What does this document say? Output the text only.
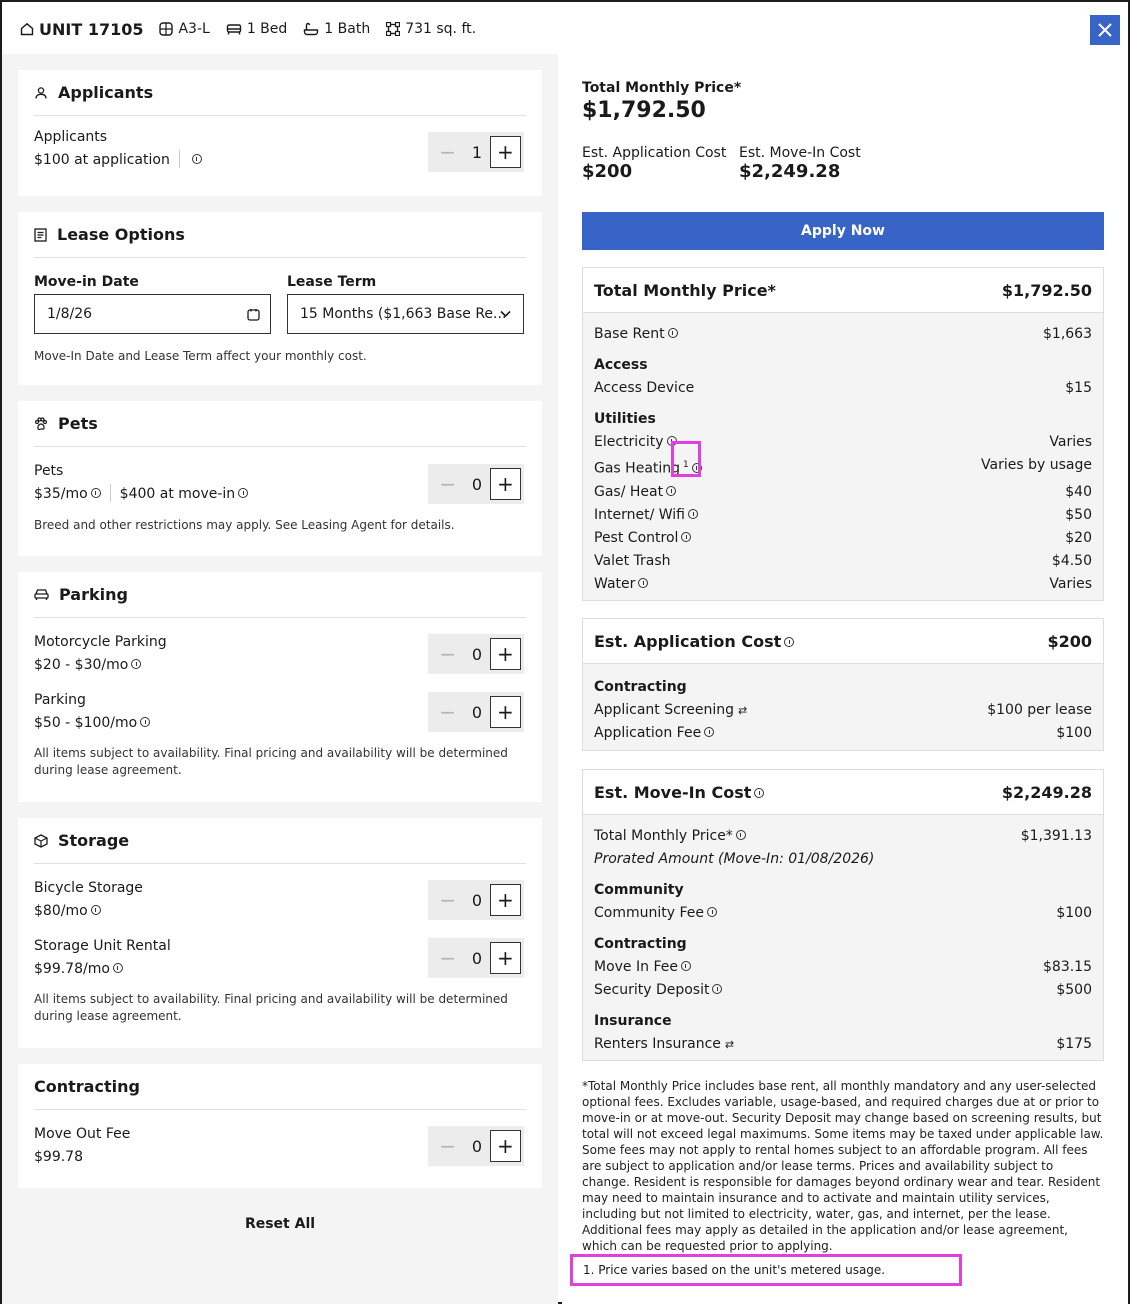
UNIT 17105	A3-L	1 Bed	1 Bath	731 sq. ft.
Applicants
Applicants
$100 at application	− 1 +
Lease Options
Move-in Date
1/8/26
Lease Term
15 Months ($1,663 Base Re...
Move-In Date and Lease Term affect your monthly cost.
Pets
Pets
$35/mo $400 at move-in	− 0 +
Breed and other restrictions may apply. See Leasing Agent for details.
Parking
Motorcycle Parking
$20 - $30/mo	− 0 +
Parking
$50 - $100/mo	− 0 +
All items subject to availability. Final pricing and availability will be determined during lease agreement.
Storage
Bicycle Storage
$80/mo	− 0 +
Storage Unit Rental
$99.78/mo	− 0 +
All items subject to availability. Final pricing and availability will be determined during lease agreement.
Contracting
Move Out Fee
$99.78	− 0 +
Reset All
Total Monthly Price*
$1,792.50
Est. Application Cost
$200
Est. Move-In Cost
$2,249.28
Apply Now
Total Monthly Price*	$1,792.50
Base Rent	$1,663
Access
Access Device	$15
Utilities
Electricity	Varies
Gas Heating $^1$	Varies by usage
Gas/ Heat	$40
Internet/ Wifi	$50
Pest Control	$20
Valet Trash	$4.50
Water	Varies
Est. Application Cost	$200
Contracting
Applicant Screening ⇄	$100 per lease
Application Fee	$100
Est. Move-In Cost	$2,249.28
Total Monthly Price*	$1,391.13
Prorated Amount (Move-In: 01/08/2026)
Community
Community Fee	$100
Contracting
Move In Fee	$83.15
Security Deposit	$500
Insurance
Renters Insurance ⇄	$175
*Total Monthly Price includes base rent, all monthly mandatory and any user-selected optional fees. Excludes variable, usage-based, and required charges due at or prior to move-in or at move-out. Security Deposit may change based on screening results, but total will not exceed legal maximums. Some items may be taxed under applicable law. Some fees may not apply to rental homes subject to an affordable program. All fees are subject to application and/or lease terms. Prices and availability subject to change. Resident is responsible for damages beyond ordinary wear and tear. Resident may need to maintain insurance and to activate and maintain utility services, including but not limited to electricity, water, gas, and internet, per the lease. Additional fees may apply as detailed in the application and/or lease agreement, which can be requested prior to applying.
1. Price varies based on the unit's metered usage.
